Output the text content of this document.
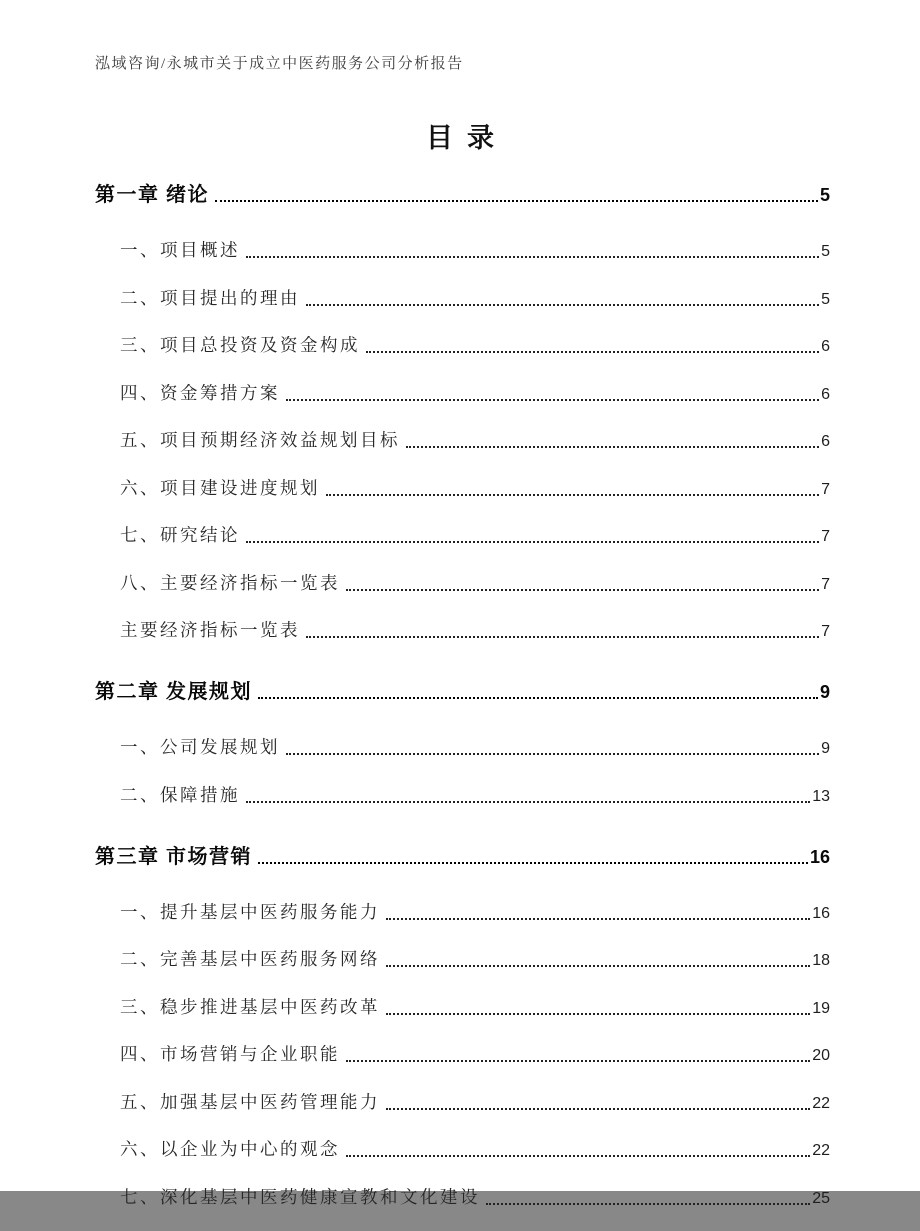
泓域咨询/永城市关于成立中医药服务公司分析报告
目录
第一章 绪论	5
一、项目概述	5
二、项目提出的理由	5
三、项目总投资及资金构成	6
四、资金筹措方案	6
五、项目预期经济效益规划目标	6
六、项目建设进度规划	7
七、研究结论	7
八、主要经济指标一览表	7
主要经济指标一览表	7
第二章 发展规划	9
一、公司发展规划	9
二、保障措施	13
第三章 市场营销	16
一、提升基层中医药服务能力	16
二、完善基层中医药服务网络	18
三、稳步推进基层中医药改革	19
四、市场营销与企业职能	20
五、加强基层中医药管理能力	22
六、以企业为中心的观念	22
七、深化基层中医药健康宣教和文化建设	25
